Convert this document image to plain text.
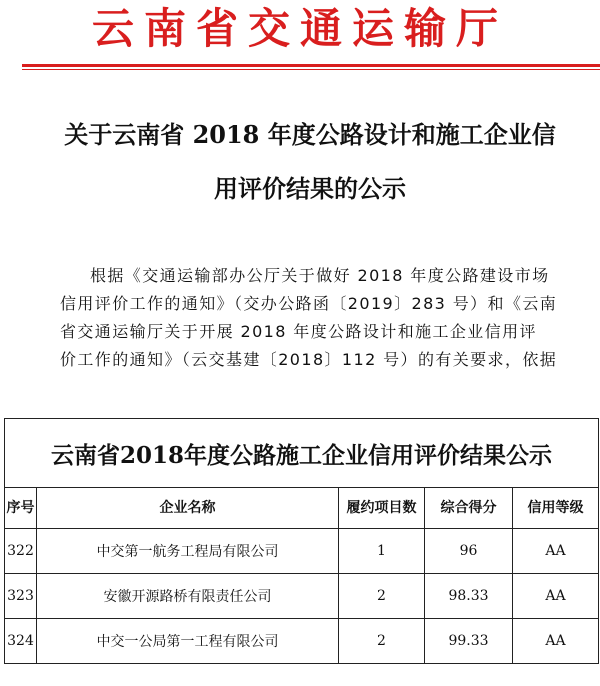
云南省交通运输厅
关于云南省 2018 年度公路设计和施工企业信
用评价结果的公示

根据《交通运输部办公厅关于做好 2018 年度公路建设市场

信用评价工作的通知》（交办公路函〔2019〕283 号）和《云南

省交通运输厅关于开展 2018 年度公路设计和施工企业信用评

价工作的通知》（云交基建〔2018〕112 号）的有关要求，依据

云南省2018年度公路施工企业信用评价结果公示				
序号	企业名称	履约项目数	综合得分	信用等级
322	中交第一航务工程局有限公司	1	96	AA
323	安徽开源路桥有限责任公司	2	98.33	AA
324	中交一公局第一工程有限公司	2	99.33	AA
